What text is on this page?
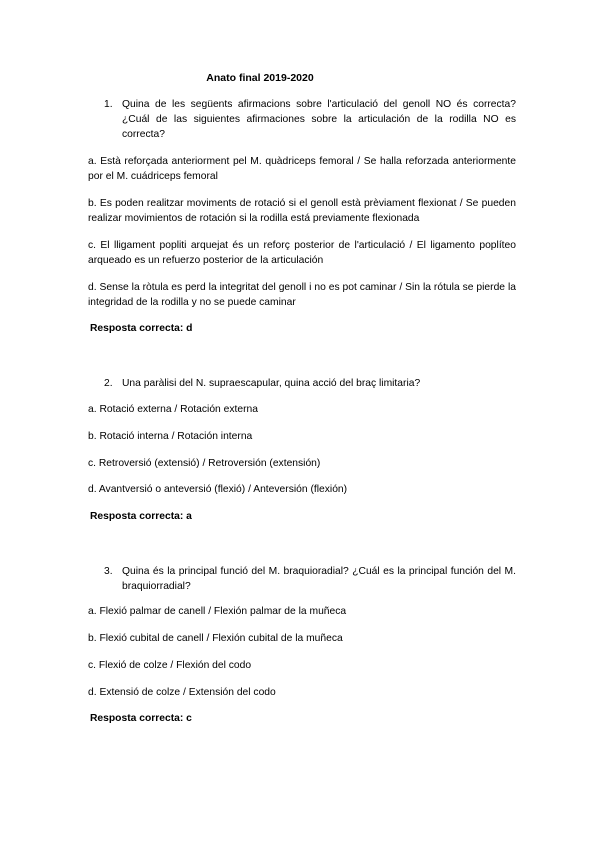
Anato final 2019-2020
1. Quina de les següents afirmacions sobre l'articulació del genoll NO és correcta? ¿Cuál de las siguientes afirmaciones sobre la articulación de la rodilla NO es correcta?
a. Està reforçada anteriorment pel M. quàdriceps femoral / Se halla reforzada anteriormente por el M. cuádriceps femoral
b. Es poden realitzar moviments de rotació si el genoll està prèviament flexionat / Se pueden realizar movimientos de rotación si la rodilla está previamente flexionada
c. El lligament popliti arquejat és un reforç posterior de l'articulació / El ligamento poplíteo arqueado es un refuerzo posterior de la articulación
d. Sense la ròtula es perd la integritat del genoll i no es pot caminar / Sin la rótula se pierde la integridad de la rodilla y no se puede caminar
Resposta correcta: d
2. Una paràlisi del N. supraescapular, quina acció del braç limitaria?
a. Rotació externa / Rotación externa
b. Rotació interna / Rotación interna
c. Retroversió (extensió) / Retroversión (extensión)
d. Avantversió o anteversió (flexió) / Anteversión (flexión)
Resposta correcta: a
3. Quina és la principal funció del M. braquioradial? ¿Cuál es la principal función del M. braquiorradial?
a. Flexió palmar de canell / Flexión palmar de la muñeca
b. Flexió cubital de canell / Flexión cubital de la muñeca
c. Flexió de colze / Flexión del codo
d. Extensió de colze / Extensión del codo
Resposta correcta: c
